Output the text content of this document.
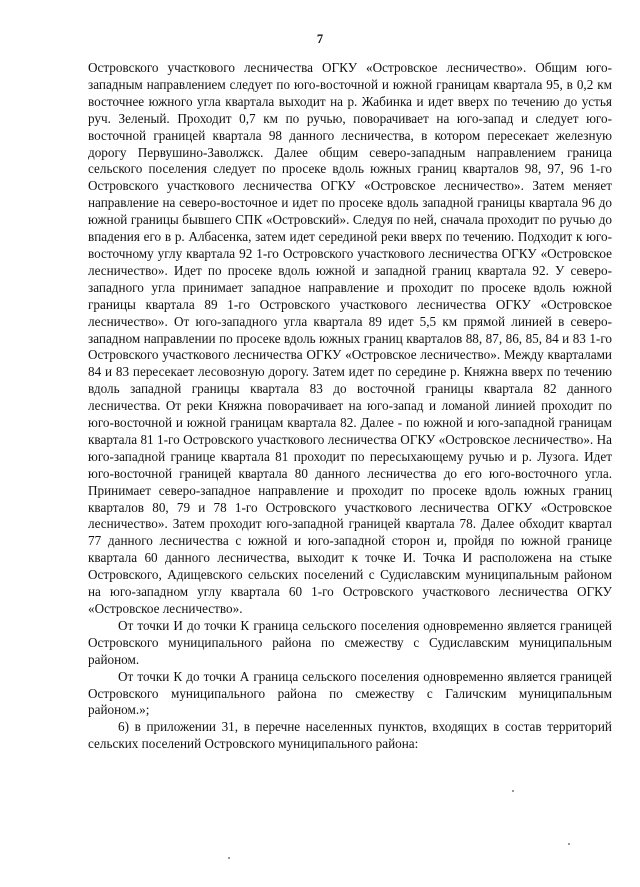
7

Островского участкового лесничества ОГКУ «Островское лесничество». Общим юго-западным направлением следует по юго-восточной и южной границам квартала 95, в 0,2 км восточнее южного угла квартала выходит на р. Жабинка и идет вверх по течению до устья руч. Зеленый. Проходит 0,7 км по ручью, поворачивает на юго-запад и следует юго-восточной границей квартала 98 данного лесничества, в котором пересекает железную дорогу Первушино-Заволжск. Далее общим северо-западным направлением граница сельского поселения следует по просеке вдоль южных границ кварталов 98, 97, 96 1-го Островского участкового лесничества ОГКУ «Островское лесничество». Затем меняет направление на северо-восточное и идет по просеке вдоль западной границы квартала 96 до южной границы бывшего СПК «Островский». Следуя по ней, сначала проходит по ручью до впадения его в р. Албасенка, затем идет серединой реки вверх по течению. Подходит к юго-восточному углу квартала 92 1-го Островского участкового лесничества ОГКУ «Островское лесничество». Идет по просеке вдоль южной и западной границ квартала 92. У северо-западного угла принимает западное направление и проходит по просеке вдоль южной границы квартала 89 1-го Островского участкового лесничества ОГКУ «Островское лесничество». От юго-западного угла квартала 89 идет 5,5 км прямой линией в северо-западном направлении по просеке вдоль южных границ кварталов 88, 87, 86, 85, 84 и 83 1-го Островского участкового лесничества ОГКУ «Островское лесничество». Между кварталами 84 и 83 пересекает лесовозную дорогу. Затем идет по середине р. Княжна вверх по течению вдоль западной границы квартала 83 до восточной границы квартала 82 данного лесничества. От реки Княжна поворачивает на юго-запад и ломаной линией проходит по юго-восточной и южной границам квартала 82. Далее - по южной и юго-западной границам квартала 81 1-го Островского участкового лесничества ОГКУ «Островское лесничество». На юго-западной границе квартала 81 проходит по пересыхающему ручью и р. Лузога. Идет юго-восточной границей квартала 80 данного лесничества до его юго-восточного угла. Принимает северо-западное направление и проходит по просеке вдоль южных границ кварталов 80, 79 и 78 1-го Островского участкового лесничества ОГКУ «Островское лесничество». Затем проходит юго-западной границей квартала 78. Далее обходит квартал 77 данного лесничества с южной и юго-западной сторон и, пройдя по южной границе квартала 60 данного лесничества, выходит к точке И. Точка И расположена на стыке Островского, Адищевского сельских поселений с Судиславским муниципальным районом на юго-западном углу квартала 60 1-го Островского участкового лесничества ОГКУ «Островское лесничество».

От точки И до точки К граница сельского поселения одновременно является границей Островского муниципального района по смежеству с Судиславским муниципальным районом.

От точки К до точки А граница сельского поселения одновременно является границей Островского муниципального района по смежеству с Галичским муниципальным районом.»;

6) в приложении 31, в перечне населенных пунктов, входящих в состав территорий сельских поселений Островского муниципального района:
